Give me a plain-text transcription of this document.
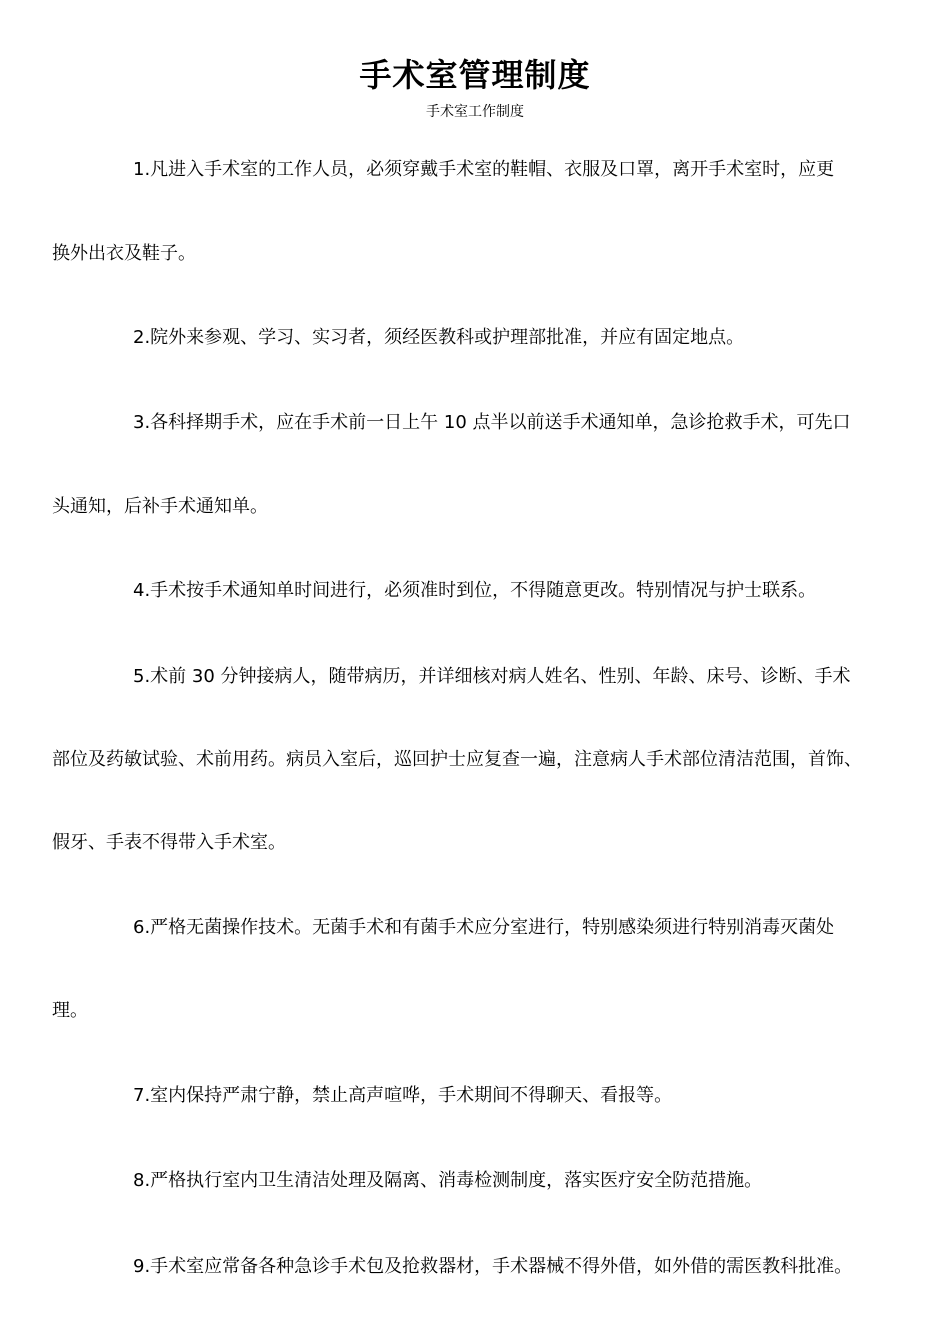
手术室管理制度
手术室工作制度
1.凡进入手术室的工作人员，必须穿戴手术室的鞋帽、衣服及口罩，离开手术室时，应更
换外出衣及鞋子。
2.院外来参观、学习、实习者，须经医教科或护理部批准，并应有固定地点。
3.各科择期手术，应在手术前一日上午 10 点半以前送手术通知单，急诊抢救手术，可先口
头通知，后补手术通知单。
4.手术按手术通知单时间进行，必须准时到位，不得随意更改。特别情况与护士联系。
5.术前 30 分钟接病人，随带病历，并详细核对病人姓名、性别、年龄、床号、诊断、手术
部位及药敏试验、术前用药。病员入室后，巡回护士应复查一遍，注意病人手术部位清洁范围，首饰、
假牙、手表不得带入手术室。
6.严格无菌操作技术。无菌手术和有菌手术应分室进行，特别感染须进行特别消毒灭菌处
理。
7.室内保持严肃宁静，禁止高声喧哗，手术期间不得聊天、看报等。
8.严格执行室内卫生清洁处理及隔离、消毒检测制度，落实医疗安全防范措施。
9.手术室应常备各种急诊手术包及抢救器材，手术器械不得外借，如外借的需医教科批准。
